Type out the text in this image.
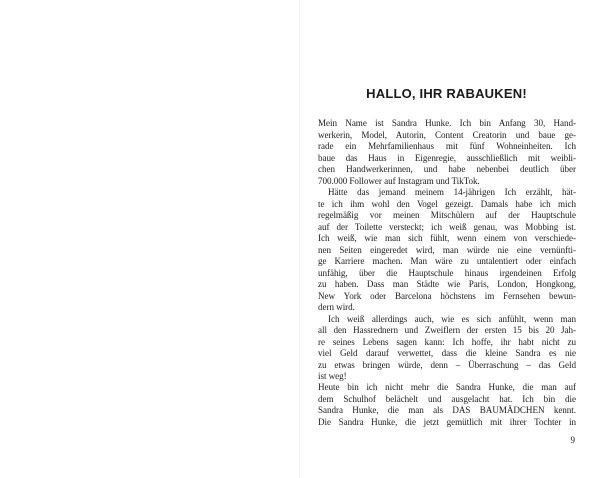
HALLO, IHR RABAUKEN!

Mein Name ist Sandra Hunke. Ich bin Anfang 30, Hand-
werkerin, Model, Autorin, Content Creatorin und baue ge-
rade ein Mehrfamilienhaus mit fünf Wohneinheiten. Ich
baue das Haus in Eigenregie, ausschließlich mit weibli-
chen Handwerkerinnen, und habe nebenbei deutlich über
700.000 Follower auf Instagram und TikTok.

Hätte das jemand meinem 14-jährigen Ich erzählt, hät-
te ich ihm wohl den Vogel gezeigt. Damals habe ich mich
regelmäßig vor meinen Mitschülern auf der Hauptschule
auf der Toilette versteckt; ich weiß genau, was Mobbing ist.
Ich weiß, wie man sich fühlt, wenn einem von verschiede-
nen Seiten eingeredet wird, man würde nie eine vernünfti-
ge Karriere machen. Man wäre zu untalentiert oder einfach
unfähig, über die Hauptschule hinaus irgendeinen Erfolg
zu haben. Dass man Städte wie Paris, London, Hongkong,
New York oder Barcelona höchstens im Fernsehen bewun-
dern wird.

Ich weiß allerdings auch, wie es sich anfühlt, wenn man
all den Hassrednern und Zweiflern der ersten 15 bis 20 Jah-
re seines Lebens sagen kann: Ich hoffe, ihr habt nicht zu
viel Geld darauf verwettet, dass die kleine Sandra es nie
zu etwas bringen würde, denn – Überraschung – das Geld
ist weg!

Heute bin ich nicht mehr die Sandra Hunke, die man auf
dem Schulhof belächelt und ausgelacht hat. Ich bin die
Sandra Hunke, die man als DAS BAUMÄDCHEN kennt.
Die Sandra Hunke, die jetzt gemütlich mit ihrer Tochter in

9
